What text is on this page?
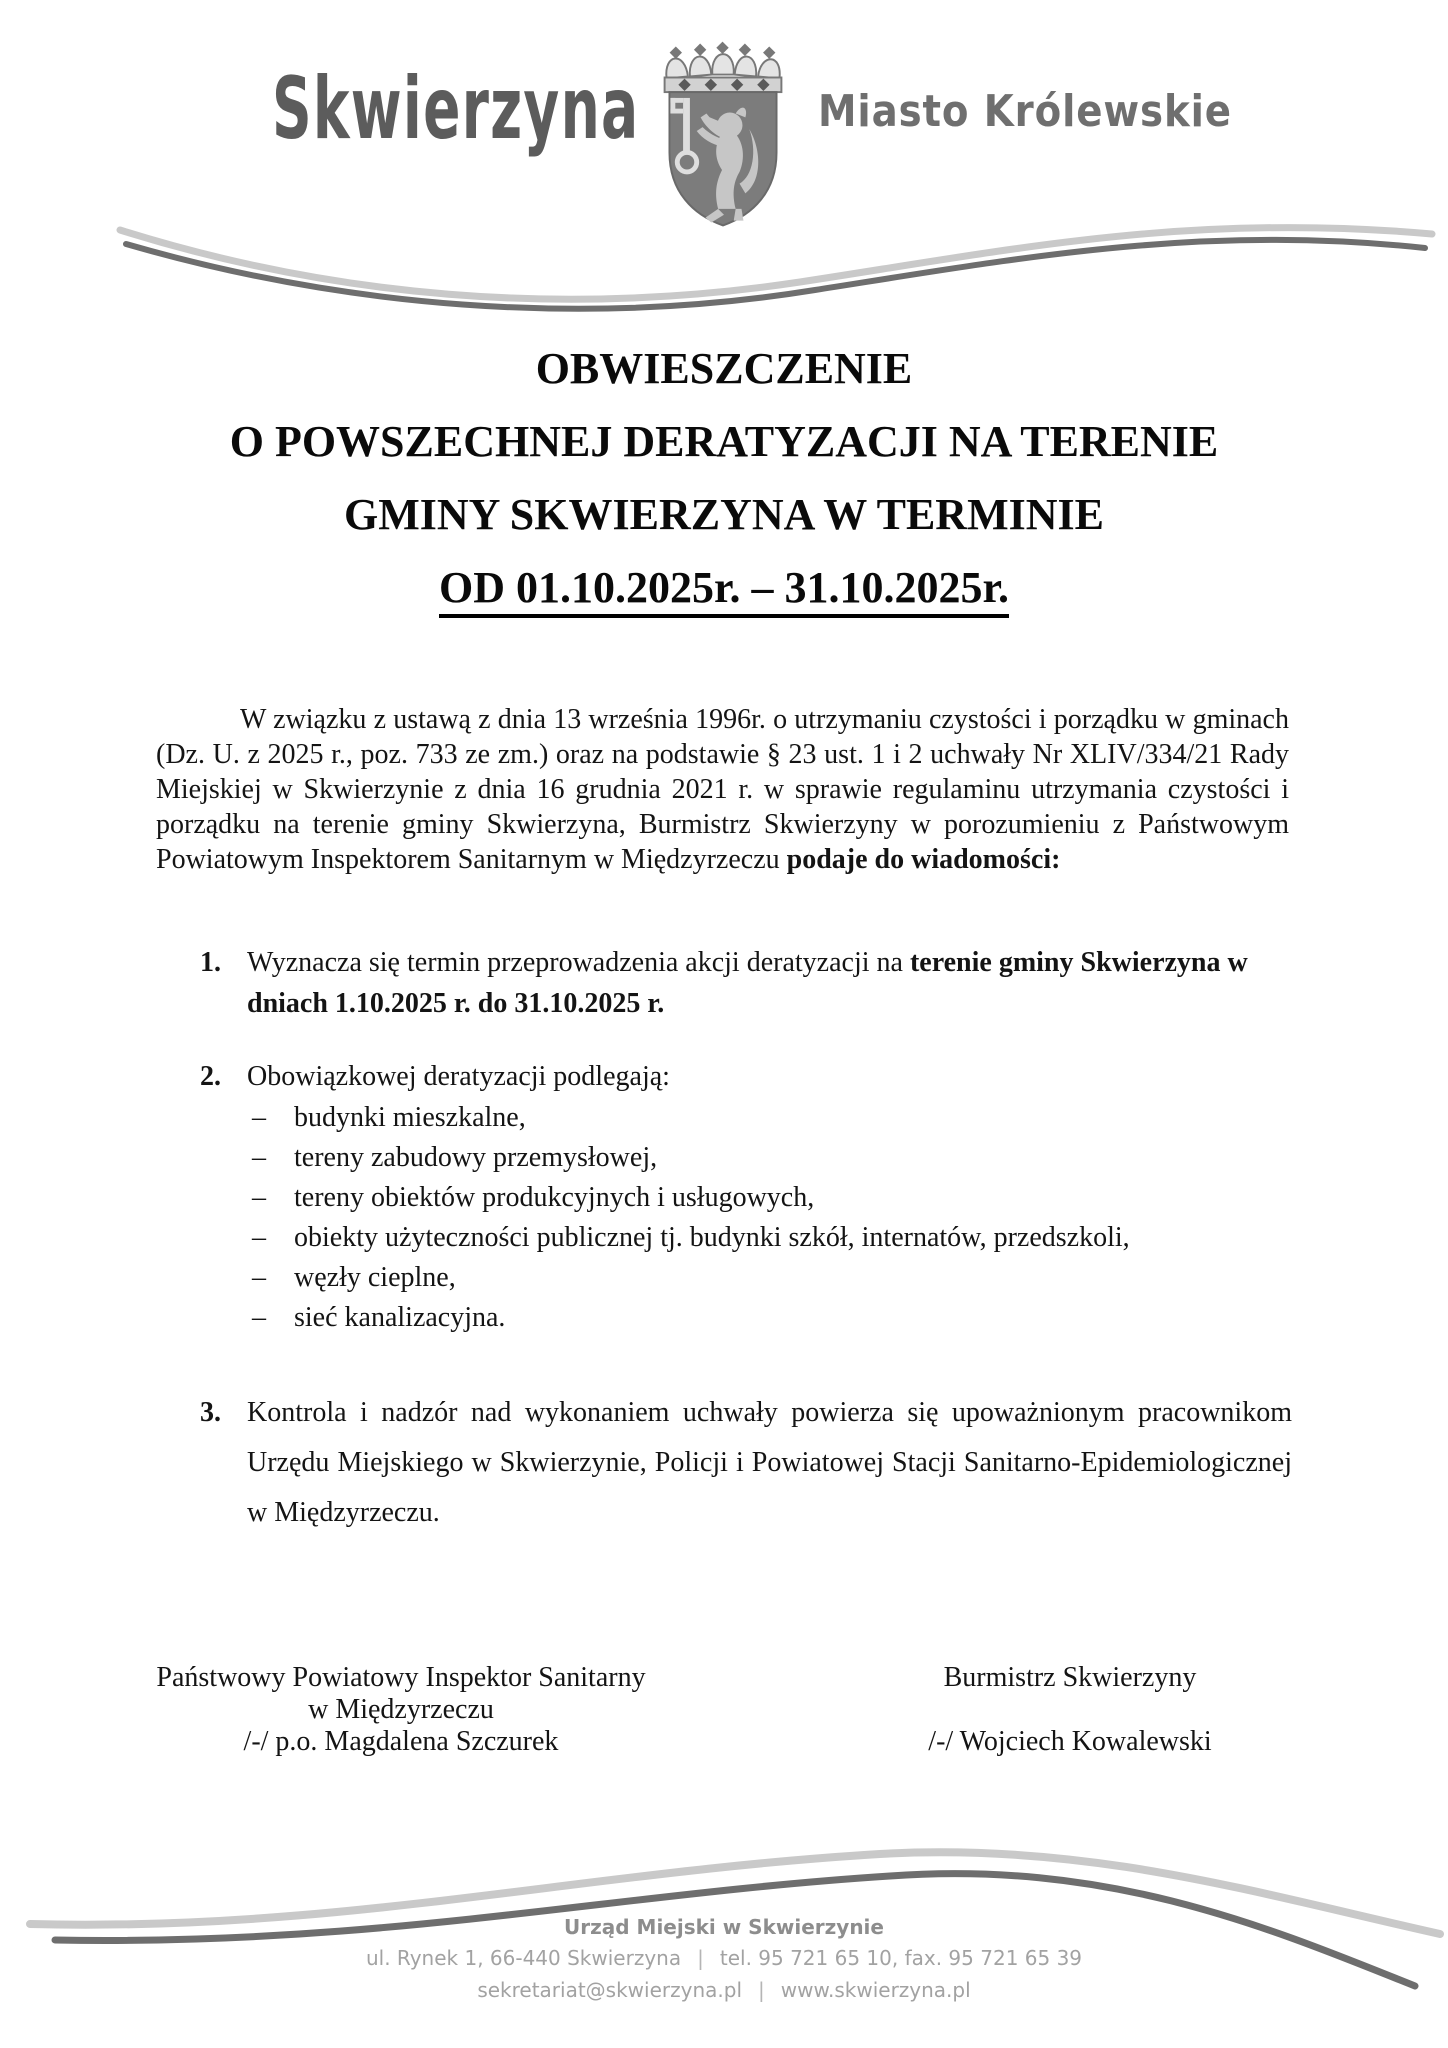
Skwierzyna	Miasto Królewskie
OBWIESZCZENIE
O POWSZECHNEJ DERATYZACJI NA TERENIE
GMINY SKWIERZYNA W TERMINIE
OD 01.10.2025r. – 31.10.2025r.
W związku z ustawą z dnia 13 września 1996r. o utrzymaniu czystości i porządku w gminach (Dz. U. z 2025 r., poz. 733 ze zm.) oraz na podstawie § 23 ust. 1 i 2 uchwały Nr XLIV/334/21 Rady Miejskiej w Skwierzynie z dnia 16 grudnia 2021 r. w sprawie regulaminu utrzymania czystości i porządku na terenie gminy Skwierzyna, Burmistrz Skwierzyny w porozumieniu z Państwowym Powiatowym Inspektorem Sanitarnym w Międzyrzeczu podaje do wiadomości:
1. Wyznacza się termin przeprowadzenia akcji deratyzacji na terenie gminy Skwierzyna w dniach 1.10.2025 r. do 31.10.2025 r.
2. Obowiązkowej deratyzacji podlegają:
–	budynki mieszkalne,
–	tereny zabudowy przemysłowej,
–	tereny obiektów produkcyjnych i usługowych,
–	obiekty użyteczności publicznej tj. budynki szkół, internatów, przedszkoli,
–	węzły cieplne,
–	sieć kanalizacyjna.
3. Kontrola i nadzór nad wykonaniem uchwały powierza się upoważnionym pracownikom Urzędu Miejskiego w Skwierzynie, Policji i Powiatowej Stacji Sanitarno-Epidemiologicznej w Międzyrzeczu.
Państwowy Powiatowy Inspektor Sanitarny
w Międzyrzeczu
/-/ p.o. Magdalena Szczurek
Burmistrz Skwierzyny
/-/ Wojciech Kowalewski
Urząd Miejski w Skwierzynie
ul. Rynek 1, 66-440 Skwierzyna | tel. 95 721 65 10, fax. 95 721 65 39
sekretariat@skwierzyna.pl | www.skwierzyna.pl
